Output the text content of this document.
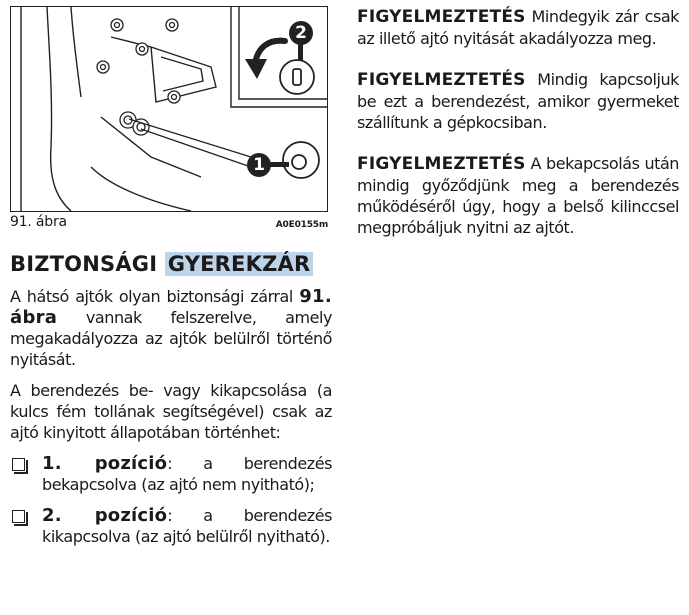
1
2
91. ábra	A0E0155m
BIZTONSÁGI GYEREKZÁR

A hátsó ajtók olyan biztonsági zárral 91. ábra vannak felszerelve, amely megakadályozza az ajtók belülről történő nyitását.

A berendezés be- vagy kikapcsolása (a kulcs fém tollának segítségével) csak az ajtó kinyitott állapotában történhet:

1. pozíció: a berendezés bekapcsolva (az ajtó nem nyitható);
2. pozíció: a berendezés kikapcsolva (az ajtó belülről nyitható).

FIGYELMEZTETÉS Mindegyik zár csak az illető ajtó nyitását akadályozza meg.

FIGYELMEZTETÉS Mindig kapcsoljuk be ezt a berendezést, amikor gyermeket szállítunk a gépkocsiban.

FIGYELMEZTETÉS A bekapcsolás után mindig győződjünk meg a berendezés működéséről úgy, hogy a belső kilinccsel megpróbáljuk nyitni az ajtót.
